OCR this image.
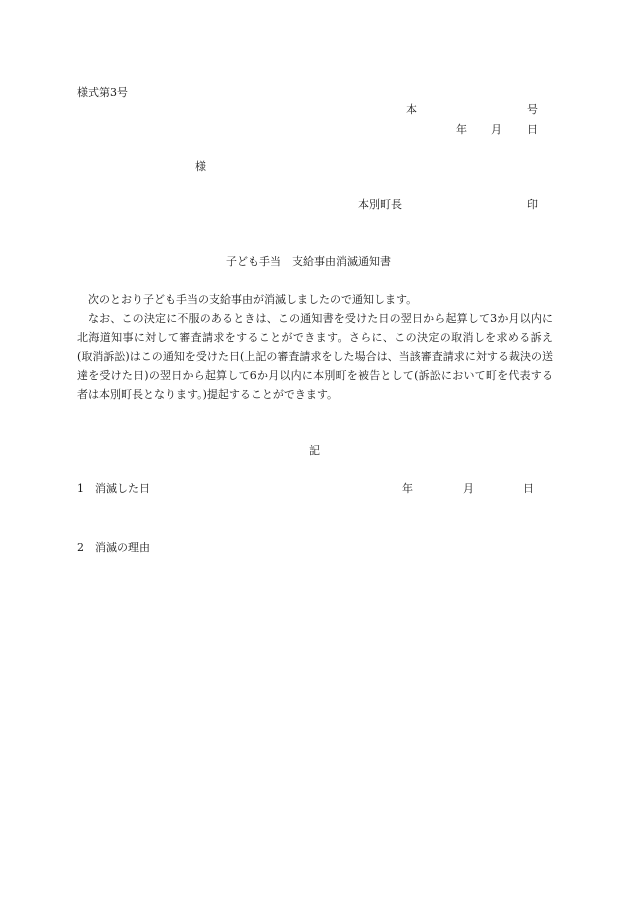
様式第3号
本	号
年 月 日
様
本別町長	印
子ども手当　支給事由消滅通知書

次のとおり子ども手当の支給事由が消滅しましたので通知します。

なお、この決定に不服のあるときは、この通知書を受けた日の翌日から起算して3か月以内に北海道知事に対して審査請求をすることができます。さらに、この決定の取消しを求める訴え(取消訴訟)はこの通知を受けた日(上記の審査請求をした場合は、当該審査請求に対する裁決の送達を受けた日)の翌日から起算して6か月以内に本別町を被告として(訴訟において町を代表する者は本別町長となります。)提起することができます。

記
1　消滅した日	年	月	日
2　消滅の理由
